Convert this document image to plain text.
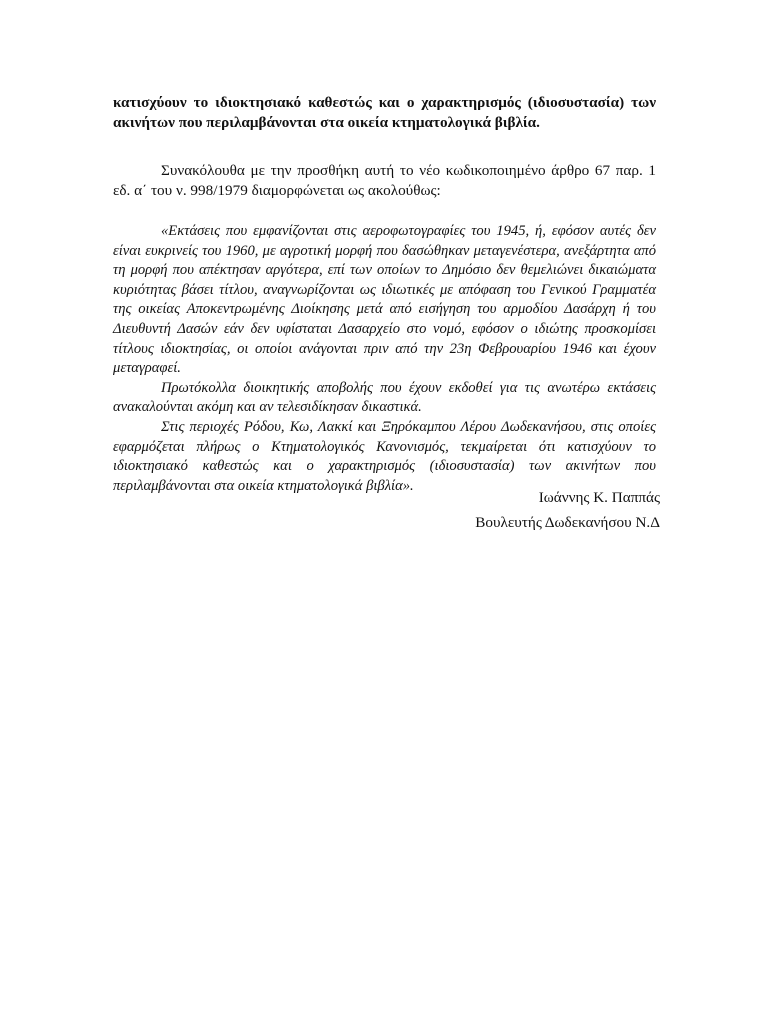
κατισχύουν το ιδιοκτησιακό καθεστώς και ο χαρακτηρισμός (ιδιοσυστασία) των ακινήτων που περιλαμβάνονται στα οικεία κτηματολογικά βιβλία.

Συνακόλουθα με την προσθήκη αυτή το νέο κωδικοποιημένο άρθρο 67 παρ. 1 εδ. α΄ του ν. 998/1979 διαμορφώνεται ως ακολούθως:

«Εκτάσεις που εμφανίζονται στις αεροφωτογραφίες του 1945, ή, εφόσον αυτές δεν είναι ευκρινείς του 1960, με αγροτική μορφή που δασώθηκαν μεταγενέστερα, ανεξάρτητα από τη μορφή που απέκτησαν αργότερα, επί των οποίων το Δημόσιο δεν θεμελιώνει δικαιώματα κυριότητας βάσει τίτλου, αναγνωρίζονται ως ιδιωτικές με απόφαση του Γενικού Γραμματέα της οικείας Αποκεντρωμένης Διοίκησης μετά από εισήγηση του αρμοδίου Δασάρχη ή του Διευθυντή Δασών εάν δεν υφίσταται Δασαρχείο στο νομό, εφόσον ο ιδιώτης προσκομίσει τίτλους ιδιοκτησίας, οι οποίοι ανάγονται πριν από την 23η Φεβρουαρίου 1946 και έχουν μεταγραφεί.

Πρωτόκολλα διοικητικής αποβολής που έχουν εκδοθεί για τις ανωτέρω εκτάσεις ανακαλούνται ακόμη και αν τελεσιδίκησαν δικαστικά.

Στις περιοχές Ρόδου, Κω, Λακκί και Ξηρόκαμπου Λέρου Δωδεκανήσου, στις οποίες εφαρμόζεται πλήρως ο Κτηματολογικός Κανονισμός, τεκμαίρεται ότι κατισχύουν το ιδιοκτησιακό καθεστώς και ο χαρακτηρισμός (ιδιοσυστασία) των ακινήτων που περιλαμβάνονται στα οικεία κτηματολογικά βιβλία».

Ιωάννης Κ. Παππάς
Βουλευτής Δωδεκανήσου Ν.Δ
